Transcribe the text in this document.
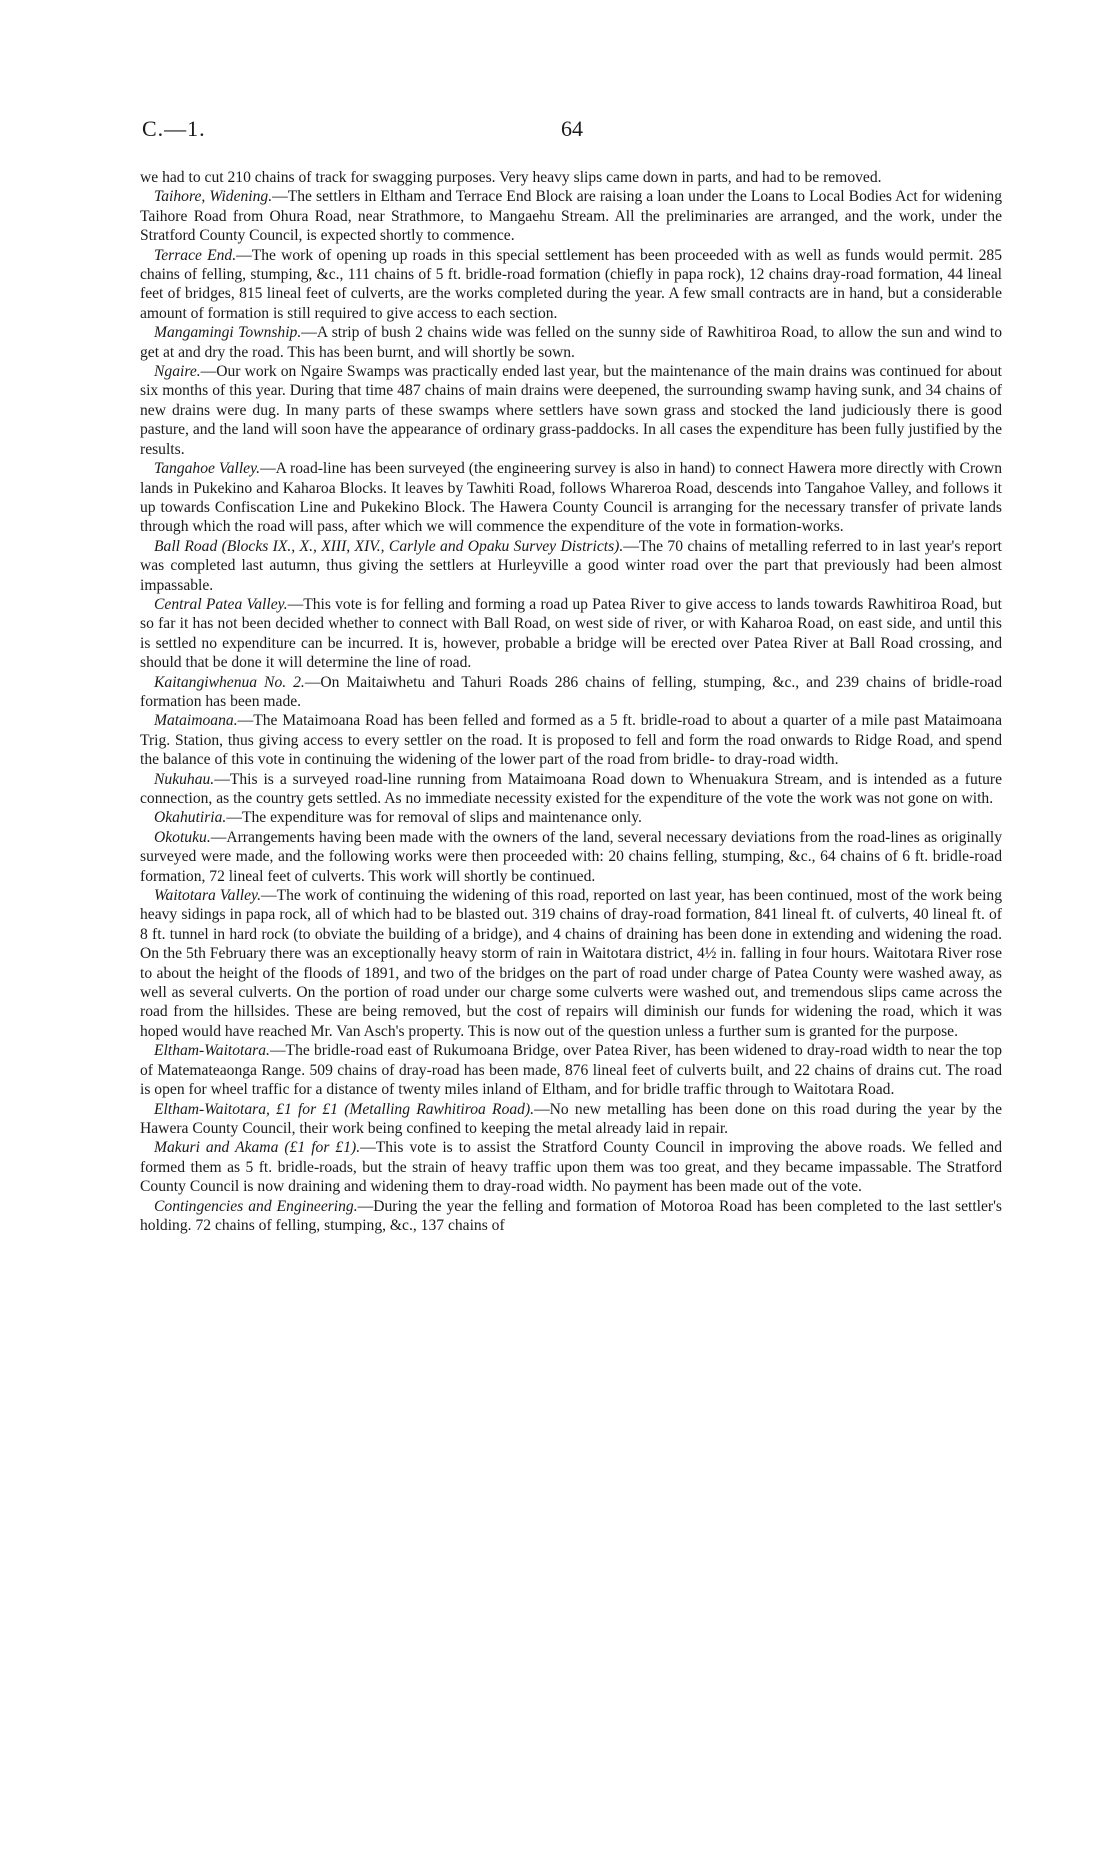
C.—1.	64

we had to cut 210 chains of track for swagging purposes. Very heavy slips came down in parts, and had to be removed.

Taihore, Widening.—The settlers in Eltham and Terrace End Block are raising a loan under the Loans to Local Bodies Act for widening Taihore Road from Ohura Road, near Strathmore, to Mangaehu Stream. All the preliminaries are arranged, and the work, under the Stratford County Council, is expected shortly to commence.

Terrace End.—The work of opening up roads in this special settlement has been proceeded with as well as funds would permit. 285 chains of felling, stumping, &c., 111 chains of 5 ft. bridle-road formation (chiefly in papa rock), 12 chains dray-road formation, 44 lineal feet of bridges, 815 lineal feet of culverts, are the works completed during the year. A few small contracts are in hand, but a considerable amount of formation is still required to give access to each section.

Mangamingi Township.—A strip of bush 2 chains wide was felled on the sunny side of Rawhitiroa Road, to allow the sun and wind to get at and dry the road. This has been burnt, and will shortly be sown.

Ngaire.—Our work on Ngaire Swamps was practically ended last year, but the maintenance of the main drains was continued for about six months of this year. During that time 487 chains of main drains were deepened, the surrounding swamp having sunk, and 34 chains of new drains were dug. In many parts of these swamps where settlers have sown grass and stocked the land judiciously there is good pasture, and the land will soon have the appearance of ordinary grass-paddocks. In all cases the expenditure has been fully justified by the results.

Tangahoe Valley.—A road-line has been surveyed (the engineering survey is also in hand) to connect Hawera more directly with Crown lands in Pukekino and Kaharoa Blocks. It leaves by Tawhiti Road, follows Whareroa Road, descends into Tangahoe Valley, and follows it up towards Confiscation Line and Pukekino Block. The Hawera County Council is arranging for the necessary transfer of private lands through which the road will pass, after which we will commence the expenditure of the vote in formation-works.

Ball Road (Blocks IX., X., XIII, XIV., Carlyle and Opaku Survey Districts).—The 70 chains of metalling referred to in last year's report was completed last autumn, thus giving the settlers at Hurleyville a good winter road over the part that previously had been almost impassable.

Central Patea Valley.—This vote is for felling and forming a road up Patea River to give access to lands towards Rawhitiroa Road, but so far it has not been decided whether to connect with Ball Road, on west side of river, or with Kaharoa Road, on east side, and until this is settled no expenditure can be incurred. It is, however, probable a bridge will be erected over Patea River at Ball Road crossing, and should that be done it will determine the line of road.

Kaitangiwhenua No. 2.—On Maitaiwhetu and Tahuri Roads 286 chains of felling, stumping, &c., and 239 chains of bridle-road formation has been made.

Mataimoana.—The Mataimoana Road has been felled and formed as a 5 ft. bridle-road to about a quarter of a mile past Mataimoana Trig. Station, thus giving access to every settler on the road. It is proposed to fell and form the road onwards to Ridge Road, and spend the balance of this vote in continuing the widening of the lower part of the road from bridle- to dray-road width.

Nukuhau.—This is a surveyed road-line running from Mataimoana Road down to Whenuakura Stream, and is intended as a future connection, as the country gets settled. As no immediate necessity existed for the expenditure of the vote the work was not gone on with.

Okahutiria.—The expenditure was for removal of slips and maintenance only.

Okotuku.—Arrangements having been made with the owners of the land, several necessary deviations from the road-lines as originally surveyed were made, and the following works were then proceeded with: 20 chains felling, stumping, &c., 64 chains of 6 ft. bridle-road formation, 72 lineal feet of culverts. This work will shortly be continued.

Waitotara Valley.—The work of continuing the widening of this road, reported on last year, has been continued, most of the work being heavy sidings in papa rock, all of which had to be blasted out. 319 chains of dray-road formation, 841 lineal ft. of culverts, 40 lineal ft. of 8 ft. tunnel in hard rock (to obviate the building of a bridge), and 4 chains of draining has been done in extending and widening the road. On the 5th February there was an exceptionally heavy storm of rain in Waitotara district, 4½ in. falling in four hours. Waitotara River rose to about the height of the floods of 1891, and two of the bridges on the part of road under charge of Patea County were washed away, as well as several culverts. On the portion of road under our charge some culverts were washed out, and tremendous slips came across the road from the hillsides. These are being removed, but the cost of repairs will diminish our funds for widening the road, which it was hoped would have reached Mr. Van Asch's property. This is now out of the question unless a further sum is granted for the purpose.

Eltham-Waitotara.—The bridle-road east of Rukumoana Bridge, over Patea River, has been widened to dray-road width to near the top of Matemateaonga Range. 509 chains of dray-road has been made, 876 lineal feet of culverts built, and 22 chains of drains cut. The road is open for wheel traffic for a distance of twenty miles inland of Eltham, and for bridle traffic through to Waitotara Road.

Eltham-Waitotara, £1 for £1 (Metalling Rawhitiroa Road).—No new metalling has been done on this road during the year by the Hawera County Council, their work being confined to keeping the metal already laid in repair.

Makuri and Akama (£1 for £1).—This vote is to assist the Stratford County Council in improving the above roads. We felled and formed them as 5 ft. bridle-roads, but the strain of heavy traffic upon them was too great, and they became impassable. The Stratford County Council is now draining and widening them to dray-road width. No payment has been made out of the vote.

Contingencies and Engineering.—During the year the felling and formation of Motoroa Road has been completed to the last settler's holding. 72 chains of felling, stumping, &c., 137 chains of
